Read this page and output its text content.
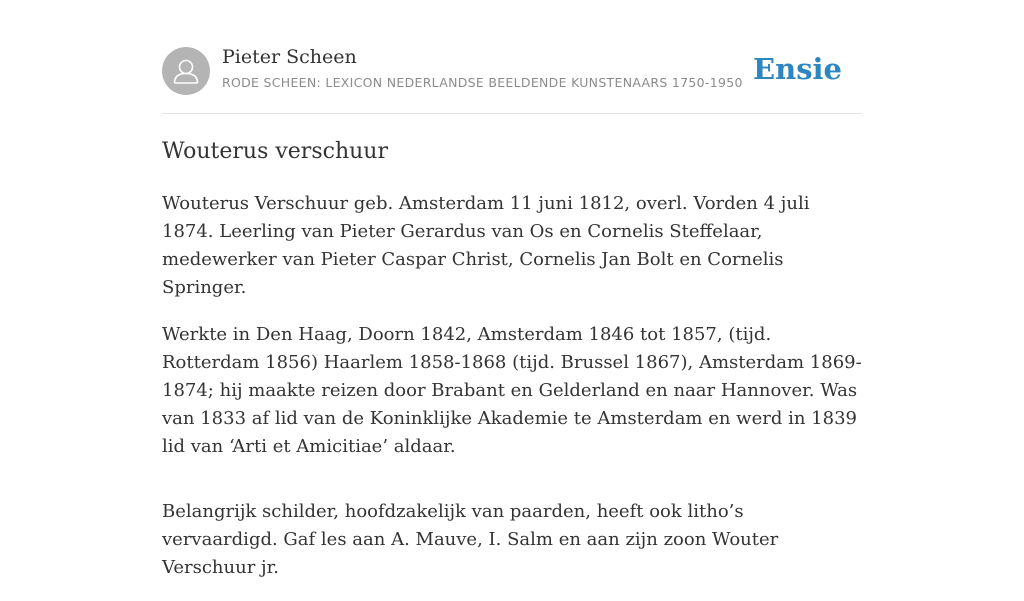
Pieter Scheen
RODE SCHEEN: LEXICON NEDERLANDSE BEELDENDE KUNSTENAARS 1750-1950 Ensie
Wouterus verschuur

Wouterus Verschuur geb. Amsterdam 11 juni 1812, overl. Vorden 4 juli 1874. Leerling van Pieter Gerardus van Os en Cornelis Steffelaar, medewerker van Pieter Caspar Christ, Cornelis Jan Bolt en Cornelis Springer.

Werkte in Den Haag, Doorn 1842, Amsterdam 1846 tot 1857, (tijd. Rotterdam 1856) Haarlem 1858-1868 (tijd. Brussel 1867), Amsterdam 1869-1874; hij maakte reizen door Brabant en Gelderland en naar Hannover. Was van 1833 af lid van de Koninklijke Akademie te Amsterdam en werd in 1839 lid van ‘Arti et Amicitiae’ aldaar.

Belangrijk schilder, hoofdzakelijk van paarden, heeft ook litho’s vervaardigd. Gaf les aan A. Mauve, I. Salm en aan zijn zoon Wouter Verschuur jr.
